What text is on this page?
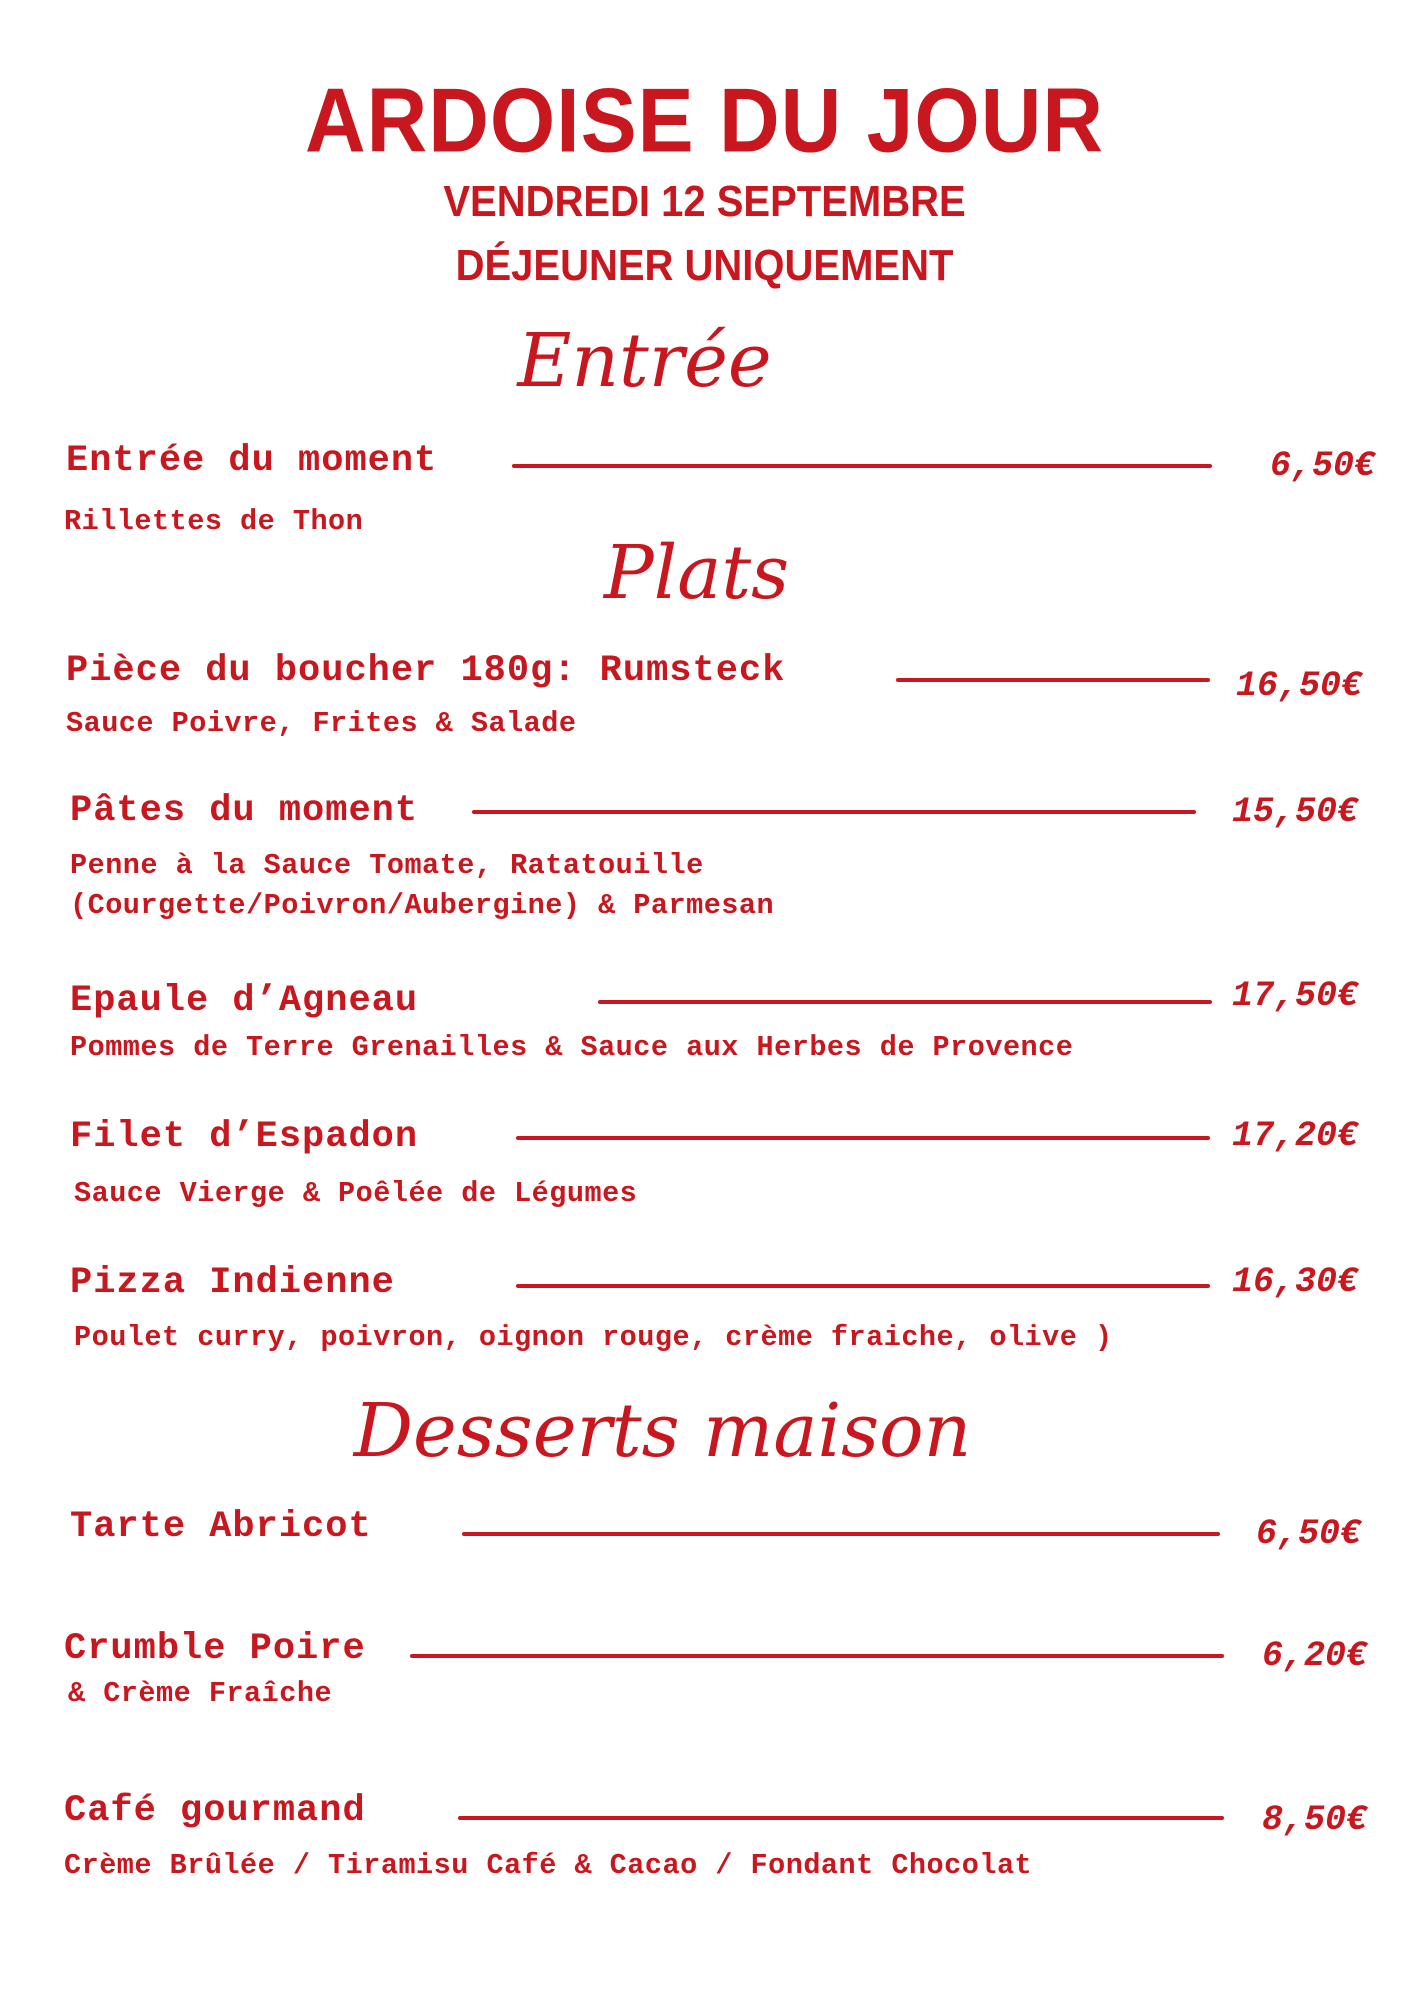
ARDOISE DU JOUR
VENDREDI 12 SEPTEMBRE
DÉJEUNER UNIQUEMENT
Entrée
Entrée du moment	6,50€
Rillettes de Thon
Plats
Pièce du boucher 180g: Rumsteck	16,50€
Sauce Poivre, Frites & Salade
Pâtes du moment	15,50€
Penne à la Sauce Tomate, Ratatouille
(Courgette/Poivron/Aubergine) & Parmesan
Epaule d’Agneau	17,50€
Pommes de Terre Grenailles & Sauce aux Herbes de Provence
Filet d’Espadon	17,20€
Sauce Vierge & Poêlée de Légumes
Pizza Indienne	16,30€
Poulet curry, poivron, oignon rouge, crème fraiche, olive )
Desserts maison
Tarte Abricot	6,50€
Crumble Poire	6,20€
& Crème Fraîche
Café gourmand	8,50€
Crème Brûlée / Tiramisu Café & Cacao / Fondant Chocolat
